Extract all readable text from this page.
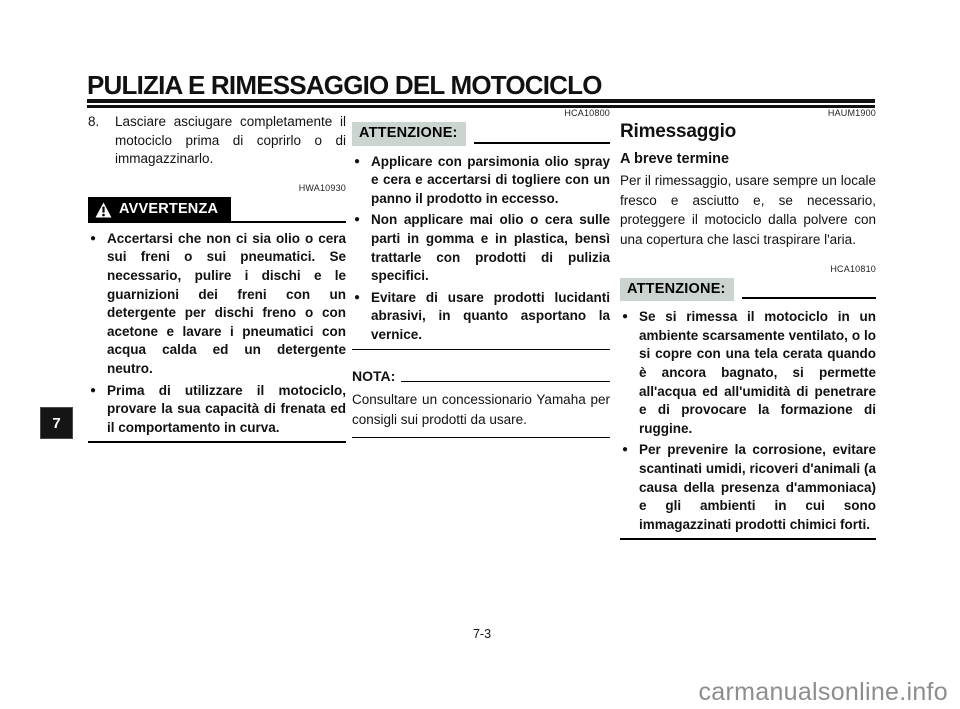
PULIZIA E RIMESSAGGIO DEL MOTOCICLO
7
8.	Lasciare asciugare completamente il motociclo prima di coprirlo o di immagazzinarlo.
HWA10930
AVVERTENZA
● Accertarsi che non ci sia olio o cera sui freni o sui pneumatici. Se necessario, pulire i dischi e le guarnizioni dei freni con un detergente per dischi freno o con acetone e lavare i pneumatici con acqua calda ed un detergente neutro.
● Prima di utilizzare il motociclo, provare la sua capacità di frenata ed il comportamento in curva.
HCA10800
ATTENZIONE:
● Applicare con parsimonia olio spray e cera e accertarsi di togliere con un panno il prodotto in eccesso.
● Non applicare mai olio o cera sulle parti in gomma e in plastica, bensì trattarle con prodotti di pulizia specifici.
● Evitare di usare prodotti lucidanti abrasivi, in quanto asportano la vernice.
NOTA:
Consultare un concessionario Yamaha per consigli sui prodotti da usare.
HAUM1900
Rimessaggio
A breve termine
Per il rimessaggio, usare sempre un locale fresco e asciutto e, se necessario, proteggere il motociclo dalla polvere con una copertura che lasci traspirare l'aria.
HCA10810
ATTENZIONE:
● Se si rimessa il motociclo in un ambiente scarsamente ventilato, o lo si copre con una tela cerata quando è ancora bagnato, si permette all'acqua ed all'umidità di penetrare e di provocare la formazione di ruggine.
● Per prevenire la corrosione, evitare scantinati umidi, ricoveri d'animali (a causa della presenza d'ammoniaca) e gli ambienti in cui sono immagazzinati prodotti chimici forti.
7-3
carmanualsonline.info
